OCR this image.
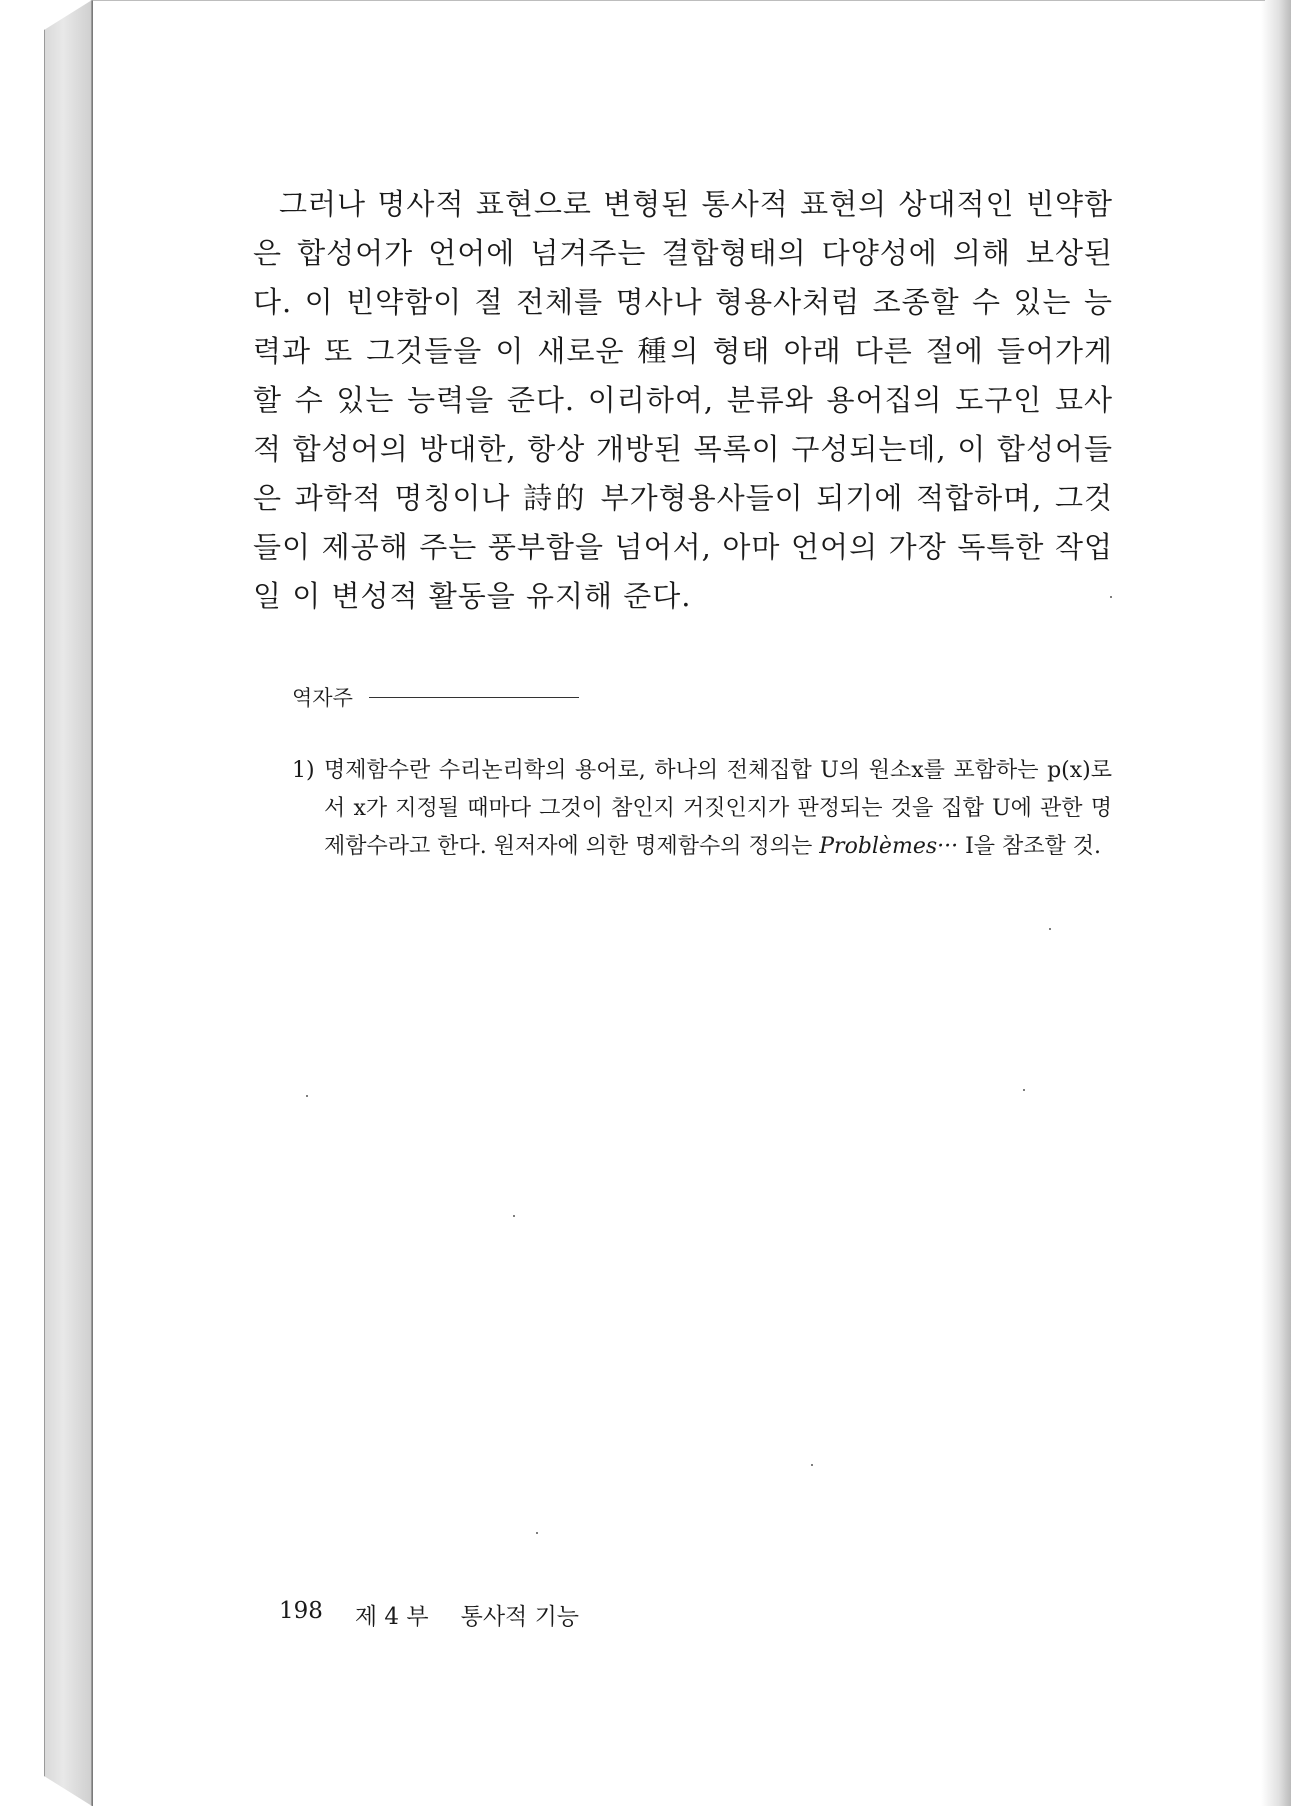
그러나 명사적 표현으로 변형된 통사적 표현의 상대적인 빈약함은 합성어가 언어에 넘겨주는 결합형태의 다양성에 의해 보상된다. 이 빈약함이 절 전체를 명사나 형용사처럼 조종할 수 있는 능력과 또 그것들을 이 새로운 種의 형태 아래 다른 절에 들어가게 할 수 있는 능력을 준다. 이리하여, 분류와 용어집의 도구인 묘사적 합성어의 방대한, 항상 개방된 목록이 구성되는데, 이 합성어들은 과학적 명칭이나 詩的 부가형용사들이 되기에 적합하며, 그것들이 제공해 주는 풍부함을 넘어서, 아마 언어의 가장 독특한 작업일 이 변성적 활동을 유지해 준다.

역자주
1) 명제함수란 수리논리학의 용어로, 하나의 전체집합 U의 원소x를 포함하는 p(x)로서 x가 지정될 때마다 그것이 참인지 거짓인지가 판정되는 것을 집합 U에 관한 명제함수라고 한다. 원저자에 의한 명제함수의 정의는 Problèmes··· I을 참조할 것.
198 제 4 부 통사적 기능
